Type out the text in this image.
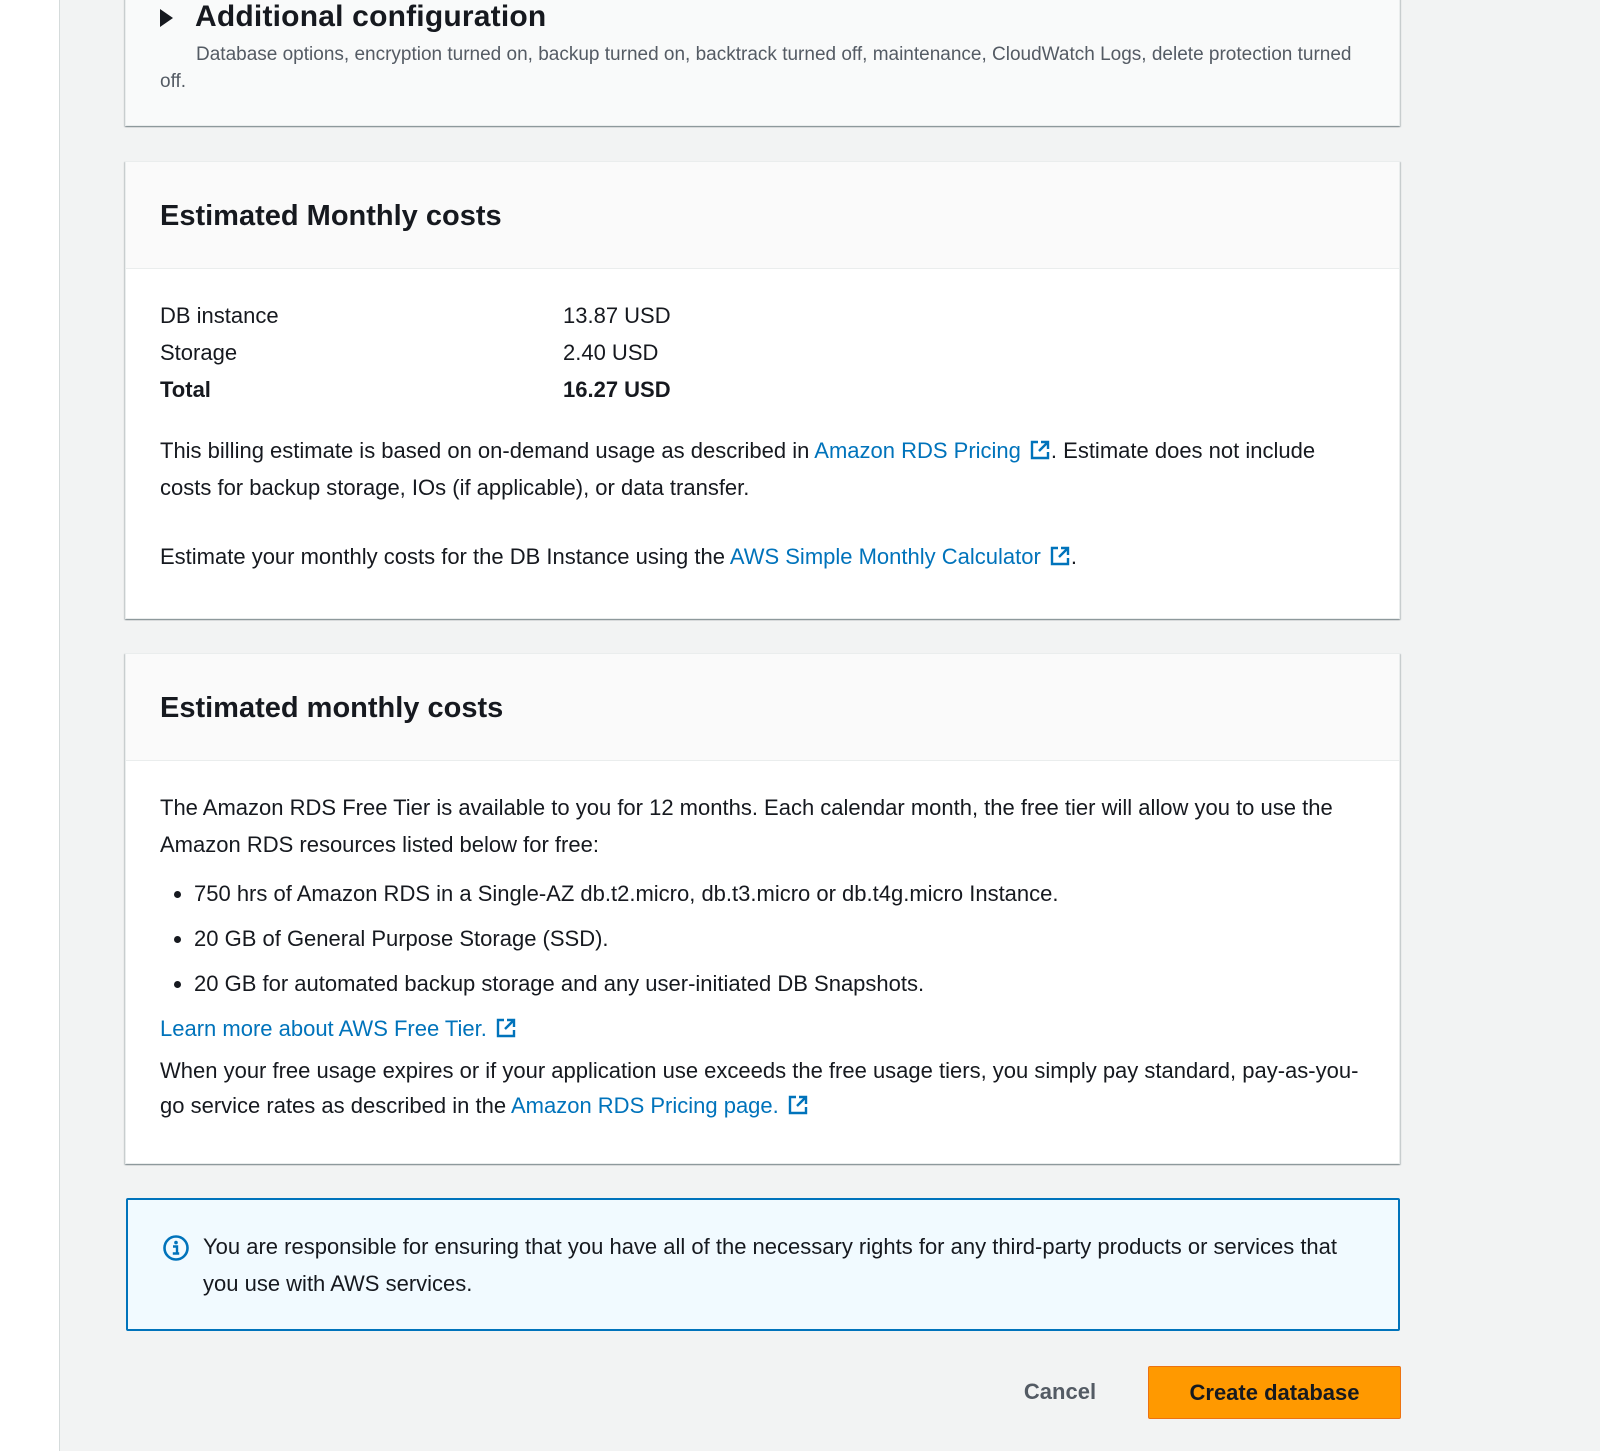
Additional configuration
Database options, encryption turned on, backup turned on, backtrack turned off, maintenance, CloudWatch Logs, delete protection turned off.
Estimated Monthly costs
DB instance	13.87 USD
Storage	2.40 USD
Total	16.27 USD

This billing estimate is based on on-demand usage as described in Amazon RDS Pricing . Estimate does not include costs for backup storage, IOs (if applicable), or data transfer.

Estimate your monthly costs for the DB Instance using the AWS Simple Monthly Calculator .

Estimated monthly costs

The Amazon RDS Free Tier is available to you for 12 months. Each calendar month, the free tier will allow you to use the Amazon RDS resources listed below for free:

750 hrs of Amazon RDS in a Single-AZ db.t2.micro, db.t3.micro or db.t4g.micro Instance.
20 GB of General Purpose Storage (SSD).
20 GB for automated backup storage and any user-initiated DB Snapshots.
Learn more about AWS Free Tier.

When your free usage expires or if your application use exceeds the free usage tiers, you simply pay standard, pay-as-you-go service rates as described in the Amazon RDS Pricing page.

You are responsible for ensuring that you have all of the necessary rights for any third-party products or services that you use with AWS services.
Cancel	Create database
